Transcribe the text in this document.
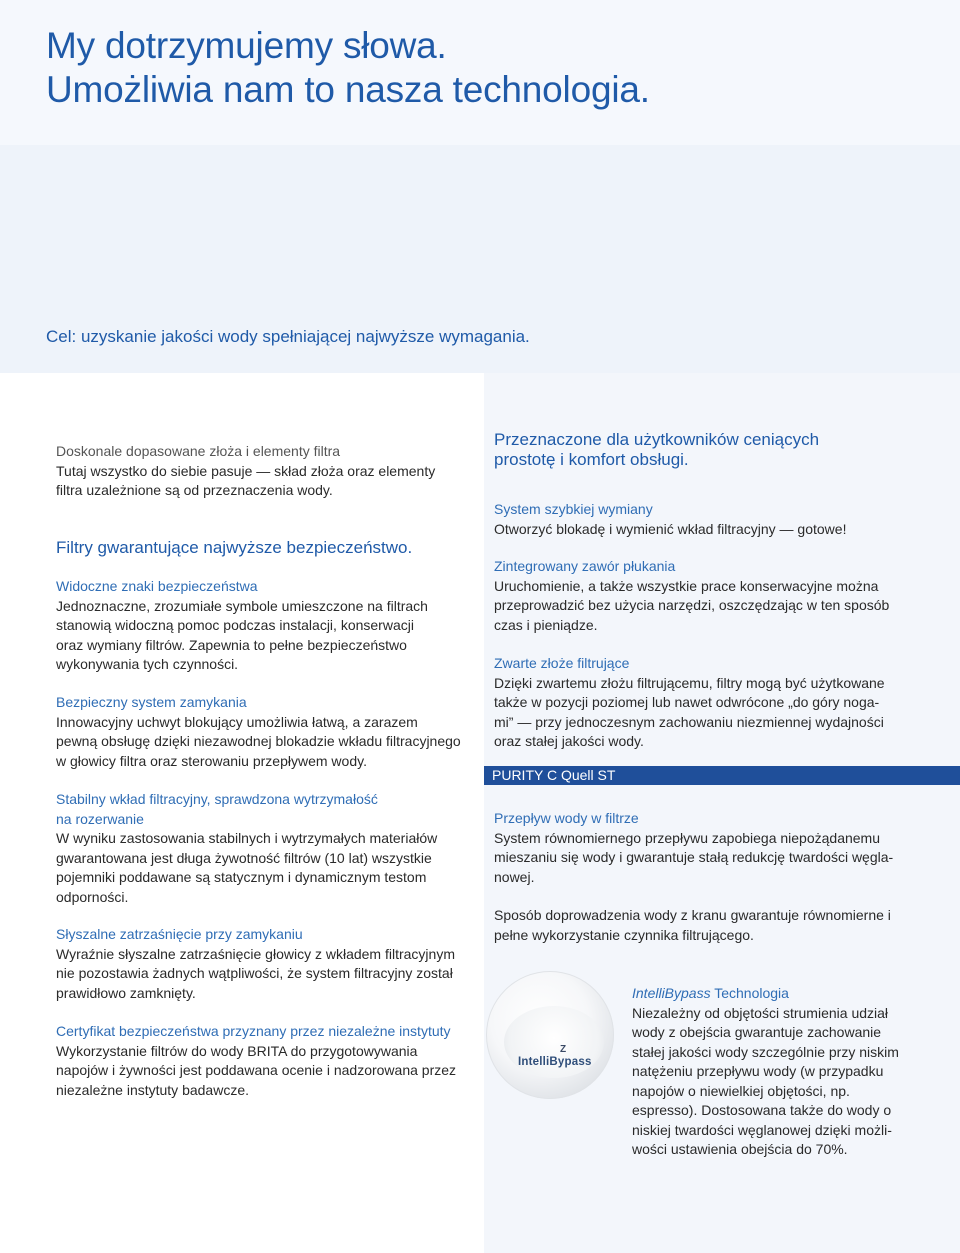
My dotrzymujemy słowa.
Umożliwia nam to nasza technologia.
Cel: uzyskanie jakości wody spełniającej najwyższe wymagania.

Doskonale dopasowane złoża i elementy filtra

Tutaj wszystko do siebie pasuje — skład złoża oraz elementy

filtra uzależnione są od przeznaczenia wody.

Filtry gwarantujące najwyższe bezpieczeństwo.

Widoczne znaki bezpieczeństwa

Jednoznaczne, zrozumiałe symbole umieszczone na filtrach

stanowią widoczną pomoc podczas instalacji, konserwacji

oraz wymiany filtrów. Zapewnia to pełne bezpieczeństwo

wykonywania tych czynności.

Bezpieczny system zamykania

Innowacyjny uchwyt blokujący umożliwia łatwą, a zarazem

pewną obsługę dzięki niezawodnej blokadzie wkładu filtracyjnego

w głowicy filtra oraz sterowaniu przepływem wody.

Stabilny wkład filtracyjny, sprawdzona wytrzymałość

na rozerwanie

W wyniku zastosowania stabilnych i wytrzymałych materiałów

gwarantowana jest długa żywotność filtrów (10 lat) wszystkie

pojemniki poddawane są statycznym i dynamicznym testom

odporności.

Słyszalne zatrzaśnięcie przy zamykaniu

Wyraźnie słyszalne zatrzaśnięcie głowicy z wkładem filtracyjnym

nie pozostawia żadnych wątpliwości, że system filtracyjny został

prawidłowo zamknięty.

Certyfikat bezpieczeństwa przyznany przez niezależne instytuty

Wykorzystanie filtrów do wody BRITA do przygotowywania

napojów i żywności jest poddawana ocenie i nadzorowana przez

niezależne instytuty badawcze.

Przeznaczone dla użytkowników ceniących

prostotę i komfort obsługi.

System szybkiej wymiany

Otworzyć blokadę i wymienić wkład filtracyjny — gotowe!

Zintegrowany zawór płukania

Uruchomienie, a także wszystkie prace konserwacyjne można

przeprowadzić bez użycia narzędzi, oszczędzając w ten sposób

czas i pieniądze.

Zwarte złoże filtrujące

Dzięki zwartemu złożu filtrującemu, filtry mogą być użytkowane

także w pozycji poziomej lub nawet odwrócone „do góry noga-

mi” — przy jednoczesnym zachowaniu niezmiennej wydajności

oraz stałej jakości wody.

PURITY C Quell ST

Przepływ wody w filtrze

System równomiernego przepływu zapobiega niepożądanemu

mieszaniu się wody i gwarantuje stałą redukcję twardości węgla-

nowej.

Sposób doprowadzenia wody z kranu gwarantuje równomierne i

pełne wykorzystanie czynnika filtrującego.

Z
IntelliBypass

IntelliBypass Technologia

Niezależny od objętości strumienia udział

wody z obejścia gwarantuje zachowanie

stałej jakości wody szczególnie przy niskim

natężeniu przepływu wody (w przypadku

napojów o niewielkiej objętości, np.

espresso). Dostosowana także do wody o

niskiej twardości węglanowej dzięki możli-

wości ustawienia obejścia do 70%.
